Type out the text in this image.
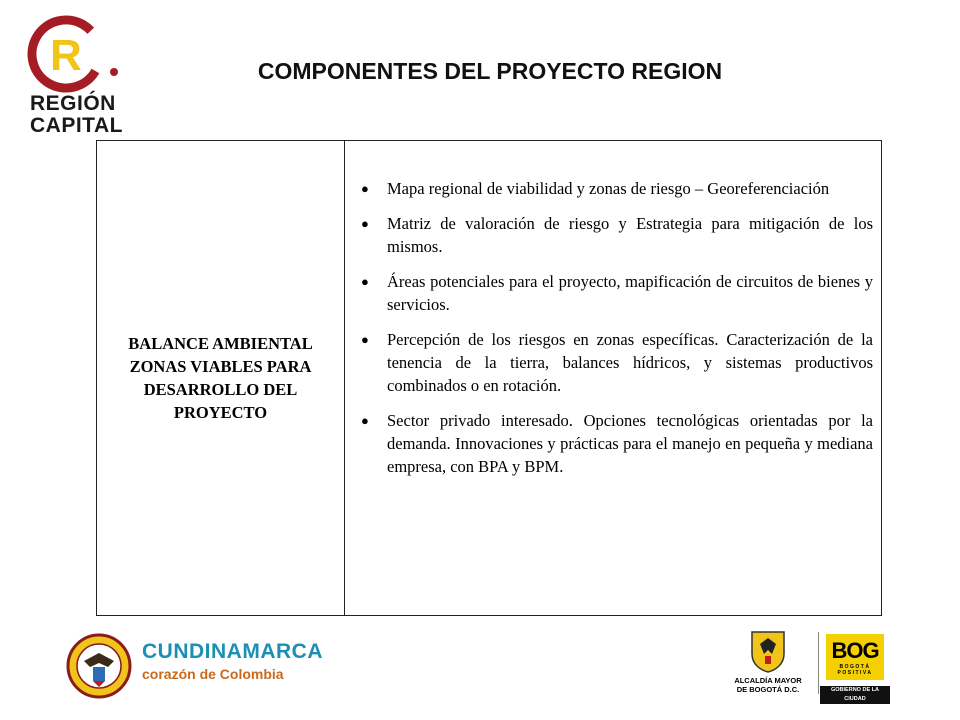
R
REGIÓN
CAPITAL
COMPONENTES DEL PROYECTO REGION
BALANCE AMBIENTAL ZONAS VIABLES PARA DESARROLLO DEL PROYECTO
●	Mapa regional de viabilidad y zonas de riesgo – Georeferenciación
●	Matriz de valoración de riesgo y Estrategia para mitigación de los mismos.
●	Áreas potenciales para el proyecto, mapificación de circuitos de bienes y servicios.
●	Percepción de los riesgos en zonas específicas. Caracterización de la tenencia de la tierra, balances hídricos, y sistemas productivos combinados o en rotación.
●	Sector privado interesado. Opciones tecnológicas orientadas por la demanda. Innovaciones y prácticas para el manejo en pequeña y mediana empresa, con BPA y BPM.
CUNDINAMARCA
corazón de Colombia	ALCALDÍA MAYOR
DE BOGOTÁ D.C.
BOG
BOGOTÁ
POSITIVA
GOBIERNO DE LA CIUDAD
